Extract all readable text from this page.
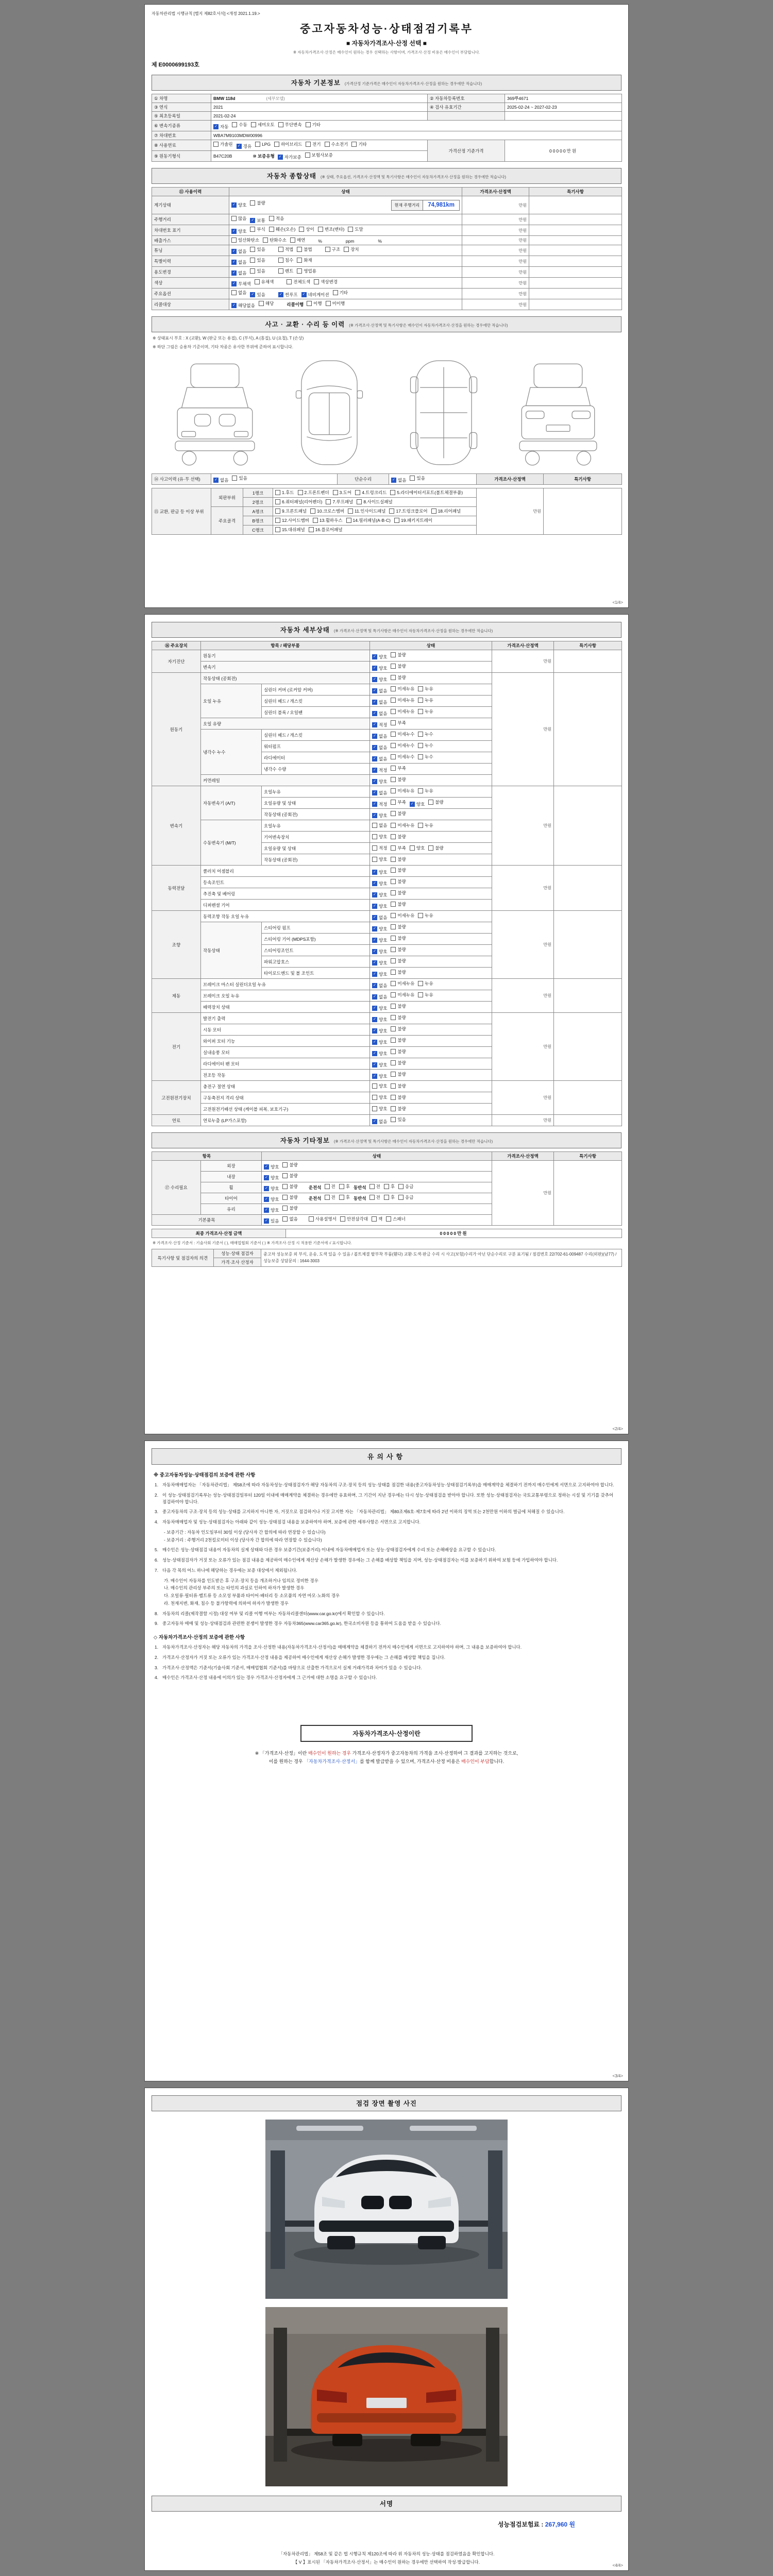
자동차관리법 시행규칙 [별지 제82호서식] <개정 2021.1.19.>
중고자동차성능·상태점검기록부
■ 자동차가격조사·산정 선택 ■
※ 자동차가격조사·산정은 매수인이 원하는 경우 선택하는 사항이며, 가격조사·산정 비용은 매수인이 부담합니다.
제 E0000699193호
자동차 기본정보 (가격산정 기준가격은 매수인이 자동차가격조사·산정을 원하는 경우에만 적습니다)
① 차명	BMW 118d (세부모델)	② 자동차등록번호	369뿌4671
③ 연식	2021	④ 검사 유효기간	2025-02-24 ~ 2027-02-23
⑤ 최초등록일	2021-02-24		
⑥ 변속기종류	✓ 자동 수동 세미오토 무단변속 기타

⑦ 차대번호	WBA7M9103MDW00996		
⑧ 사용연료	가솔린 ✓ 경유 LPG 하이브리드 전기 수소전기 기타
	가격산정 기준가격	00000만원
⑨ 원동기형식	B47C20B ⑩ 보증유형 ✓ 자가보증 보험사보증		
자동차 종합상태 (※ 상태, 주요옵션, 가격조사·산정액 및 특기사항은 매수인이 자동차가격조사·산정을 원하는 경우에만 적습니다)
⑪ 사용이력	상태	가격조사·산정액	특기사항
계기상태	✓ 양호 불량 현재 주행거리 74,981km	만원	
주행거리	많음 ✓ 보통 적음	만원	
차대번호 표기	✓ 양호 부식 훼손(오손) 상이 변조(변타) 도말	만원	
배출가스	일산화탄소 탄화수소 매연 % ppm %	만원	
튜닝	✓ 없음 있음	적법 불법	구조 장치	만원	
특별이력	✓ 없음 있음 침수 화재	만원	
용도변경	✓ 없음 있음 렌트 영업용	만원	
색상	✓ 무채색 유채색 전체도색 색상변경	만원	
주요옵션	없음 ✓ 있음	✓ 썬루프 ✓ 네비게이션 기타	만원	
리콜대상	✓ 해당없음 해당	리콜이행 이행 미이행	만원	
사고 · 교환 · 수리 등 이력 (※ 가격조사·산정액 및 특기사항은 매수인이 자동차가격조사·산정을 원하는 경우에만 적습니다)
※ 상태표시 부호 : X (교환), W (판금 또는 용접), C (부식), A (흠집), U (요철), T (손상)
※ 하단 그림은 승용차 기준이며, 기타 차종은 유사한 부위에 준하여 표시합니다.
⑭ 사고이력 (유·무 선택)	✓ 없음 있음	단순수리	✓ 없음 있음	가격조사·산정액	특기사항
⑮ 교환, 판금 등 이상 부위	외판부위	1랭크	1.후드 2.프론트펜더 3.도어 4.트렁크리드 5.라디에이터서포트(볼트체결부품)	만원	
		2랭크	6.쿼터패널(리어펜더) 7.루프패널 8.사이드실패널		

	주요골격	A랭크	9.프론트패널 10.크로스멤버 11.인사이드패널 17.트렁크플로어 18.리어패널		

		B랭크	12.사이드멤버 13.휠하우스 14.필러패널(A·B·C) 19.패키지트레이		

		C랭크	15.대쉬패널 16.플로어패널		
<1/4>
자동차 세부상태 (※ 가격조사·산정액 및 특기사항은 매수인이 자동차가격조사·산정을 원하는 경우에만 적습니다)
⑯ 주요장치	항목 / 해당부품		상태	가격조사·산정액	특기사항
자기진단	원동기		✓ 양호 불량	만원	
	변속기		✓ 양호 불량		

원동기	작동상태 (공회전)		✓ 양호 불량	만원	
	오일 누유	실린더 커버 (로커암 커버)	✓ 없음 미세누유 누유		

		실린더 헤드 / 개스킷	✓ 없음 미세누유 누유		

		실린더 블록 / 오일팬	✓ 없음 미세누유 누유		

	오일 유량		✓ 적정 부족		

	냉각수 누수	실린더 헤드 / 개스킷	✓ 없음 미세누수 누수		

		워터펌프	✓ 없음 미세누수 누수		

		라디에이터	✓ 없음 미세누수 누수		

		냉각수 수량	✓ 적정 부족		

	커먼레일		✓ 양호 불량		

변속기	자동변속기 (A/T)	오일누유	✓ 없음 미세누유 누유	만원	
오일유량 및 상태	✓ 적정 부족 ✓ 양호 불량

		작동상태 (공회전)	✓ 양호 불량		

	수동변속기 (M/T)	오일누유	없음 미세누유 누유		

		기어변속장치	양호 불량		

		오일유량 및 상태	적정 부족 양호 불량		

		작동상태 (공회전)	양호 불량		

동력전달	클러치 어셈블리		✓ 양호 불량	만원	
	등속조인트		✓ 양호 불량		

	추진축 및 베어링		✓ 양호 불량		

	디퍼렌셜 기어		✓ 양호 불량		

조향	동력조향 작동 오일 누유		✓ 없음 미세누유 누유	만원	
	작동상태	스티어링 펌프	✓ 양호 불량		

		스티어링 기어 (MDPS포함)	✓ 양호 불량		

		스티어링조인트	✓ 양호 불량		

		파워고압호스	✓ 양호 불량		

		타이로드엔드 및 볼 조인트	✓ 양호 불량		

제동	브레이크 마스터 실린더오일 누유		✓ 없음 미세누유 누유	만원	
	브레이크 오일 누유		✓ 없음 미세누유 누유		

	배력장치 상태		✓ 양호 불량		

전기	발전기 출력		✓ 양호 불량	만원	
	시동 모터		✓ 양호 불량		

	와이퍼 모터 기능		✓ 양호 불량		

	실내송풍 모터		✓ 양호 불량		

	라디에이터 팬 모터		✓ 양호 불량		

	전조등 작동		✓ 양호 불량		

고전원전기장치	충전구 절연 상태		양호 불량	만원	
	구동축전지 격리 상태		양호 불량		

	고전원전기배선 상태 (케이블 피복, 보호기구)		양호 불량		

연료	연료누출 (LP가스포함)		✓ 없음 있음	만원	
자동차 기타정보 (※ 가격조사·산정액 및 특기사항은 매수인이 자동차가격조사·산정을 원하는 경우에만 적습니다)
항목		상태	가격조사·산정액	특기사항
⑰ 수리필요	외장	✓ 양호 불량	만원	
	내장	✓ 양호 불량		

휠	✓ 양호 불량 운전석 전 후 동반석 전 후 응급

타이어	✓ 양호 불량 운전석 전 후 동반석 전 후 응급

	유리	✓ 양호 불량		

기본품목	✓ 있음 없음	사용설명서 안전삼각대 잭 스패너
최종 가격조사·산정 금액	00000만원
※ 가격조사·산정 기준서 : 기술사회 기준서 ( ), 매매업협회 기준서 ( ) ※ 가격조사·산정 시 적용한 기준서에 √ 표시합니다.
특기사항 및 점검자의 의견	성능·상태 점검자	중고차 성능보증 외 부식, 운송, 도색 있을 수 있음 / 볼트체결 탈부착 부품(휀다) 교환·도색·판금 수리 시 사고(보험)수리가 아닌 단순수리로 구분 표기됨 / 점검번호 22/702-61-009487 수리(외판)(남77) / 성능보증 상담문의 : 1644-3003
가격·조사 산정자
<2/4>
유의사항
※ 중고자동차성능·상태점검의 보증에 관한 사항
1. 자동차매매업자는 「자동차관리법」 제58조에 따라 자동차성능·상태점검자가 해당 자동차의 구조·장치 등의 성능·상태를 점검한 내용(중고자동차성능·상태점검기록부)을 매매계약을 체결하기 전까지 매수인에게 서면으로 고지하여야 합니다.
2. 이 성능·상태점검기록부는 성능·상태점검일부터 120일 이내에 매매계약을 체결하는 경우에만 유효하며, 그 기간이 지난 경우에는 다시 성능·상태점검을 받아야 합니다. 또한 성능·상태점검자는 국토교통부령으로 정하는 시설 및 기기를 갖추어 점검하여야 합니다.
3. 중고자동차의 구조·장치 등의 성능·상태를 고지하지 아니한 자, 거짓으로 점검하거나 거짓 고지한 자는 「자동차관리법」 제80조제6호·제7호에 따라 2년 이하의 징역 또는 2천만원 이하의 벌금에 처해질 수 있습니다.
4. 자동차매매업자 및 성능·상태점검자는 아래와 같이 성능·상태점검 내용을 보증하여야 하며, 보증에 관한 세부사항은 서면으로 고지합니다.
- 보증기간 : 자동차 인도일부터 30일 이상 (당사자 간 합의에 따라 연장할 수 있습니다)
- 보증거리 : 주행거리 2천킬로미터 이상 (당사자 간 합의에 따라 연장할 수 있습니다)
5. 매수인은 성능·상태점검 내용이 자동차의 실제 상태와 다른 경우 보증기간(보증거리) 이내에 자동차매매업자 또는 성능·상태점검자에게 수리 또는 손해배상을 요구할 수 있습니다.
6. 성능·상태점검자가 거짓 또는 오류가 있는 점검 내용을 제공하여 매수인에게 재산상 손해가 발생한 경우에는 그 손해를 배상할 책임을 지며, 성능·상태점검자는 이를 보증하기 위하여 보험 등에 가입하여야 합니다.
7. 다음 각 목의 어느 하나에 해당하는 경우에는 보증 대상에서 제외됩니다.
가. 매수인이 자동차를 인도받은 후 구조·장치 등을 개조하거나 임의로 정비한 경우
나. 매수인의 관리상 부주의 또는 타인의 과실로 인하여 하자가 발생한 경우
다. 오일류·필터류·벨트류 등 소모성 부품과 타이어·배터리 등 소모품의 자연 마모·노화의 경우
라. 천재지변, 화재, 침수 등 불가항력에 의하여 하자가 발생한 경우
8. 자동차의 리콜(제작결함 시정) 대상 여부 및 리콜 이행 여부는 자동차리콜센터(www.car.go.kr)에서 확인할 수 있습니다.
9. 중고자동차 매매 및 성능·상태점검과 관련한 분쟁이 발생한 경우 자동차365(www.car365.go.kr), 한국소비자원 등을 통하여 도움을 받을 수 있습니다.
◇ 자동차가격조사·산정의 보증에 관한 사항
1. 자동차가격조사·산정자는 해당 자동차의 가격을 조사·산정한 내용(자동차가격조사·산정서)을 매매계약을 체결하기 전까지 매수인에게 서면으로 고지하여야 하며, 그 내용을 보증하여야 합니다.
2. 가격조사·산정자가 거짓 또는 오류가 있는 가격조사·산정 내용을 제공하여 매수인에게 재산상 손해가 발생한 경우에는 그 손해를 배상할 책임을 집니다.
3. 가격조사·산정액은 기준서(기술사회 기준서, 매매업협회 기준서)를 바탕으로 산출한 가격으로서 실제 거래가격과 차이가 있을 수 있습니다.
4. 매수인은 가격조사·산정 내용에 이의가 있는 경우 가격조사·산정자에게 그 근거에 대한 소명을 요구할 수 있습니다.
자동차가격조사·산정이란
※ 「가격조사·산정」이란 매수인이 원하는 경우 가격조사·산정자가 중고자동차의 가격을 조사·산정하여 그 결과를 고지하는 것으로,
이를 원하는 경우 「자동차가격조사·산정서」를 함께 발급받을 수 있으며, 가격조사·산정 비용은 매수인이 부담합니다.
<3/4>
점검 장면 촬영 사진
서명
성능점검보험료 : 267,960 원
「자동차관리법」 제58조 및 같은 법 시행규칙 제120조에 따라 위 자동차의 성능·상태를 점검하였음을 확인합니다.
【 V 】표시된 「자동차가격조사·산정서」는 매수인이 원하는 경우에만 선택하여 작성·발급합니다.
<4/4>
